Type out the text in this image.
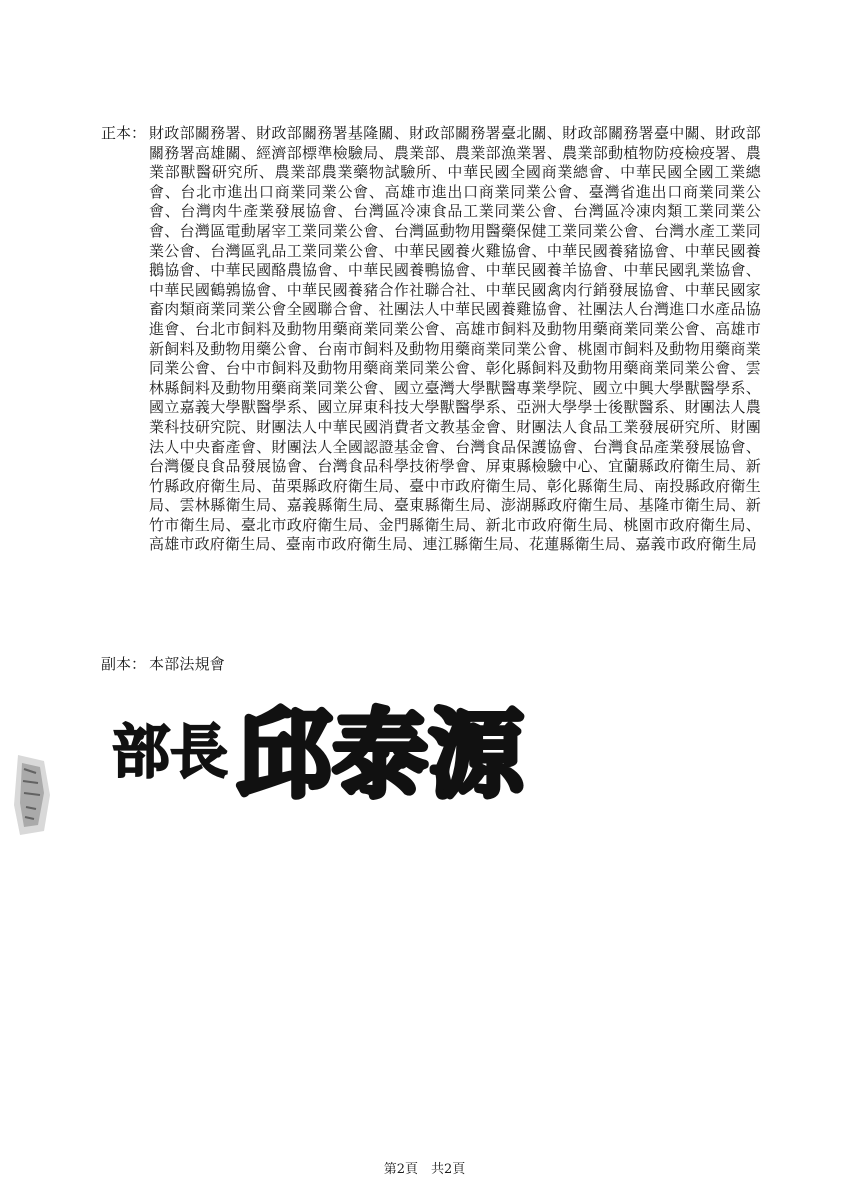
正本： 財政部關務署、財政部關務署基隆關、財政部關務署臺北關、財政部關務署臺中關、財政部關務署高雄關、經濟部標準檢驗局、農業部、農業部漁業署、農業部動植物防疫檢疫署、農業部獸醫研究所、農業部農業藥物試驗所、中華民國全國商業總會、中華民國全國工業總會、台北市進出口商業同業公會、高雄市進出口商業同業公會、臺灣省進出口商業同業公會、台灣肉牛產業發展協會、台灣區冷凍食品工業同業公會、台灣區冷凍肉類工業同業公會、台灣區電動屠宰工業同業公會、台灣區動物用醫藥保健工業同業公會、台灣水產工業同業公會、台灣區乳品工業同業公會、中華民國養火雞協會、中華民國養豬協會、中華民國養鵝協會、中華民國酪農協會、中華民國養鴨協會、中華民國養羊協會、中華民國乳業協會、中華民國鶴鶉協會、中華民國養豬合作社聯合社、中華民國禽肉行銷發展協會、中華民國家畜肉類商業同業公會全國聯合會、社團法人中華民國養雞協會、社團法人台灣進口水產品協進會、台北市飼料及動物用藥商業同業公會、高雄市飼料及動物用藥商業同業公會、高雄市新飼料及動物用藥公會、台南市飼料及動物用藥商業同業公會、桃園市飼料及動物用藥商業同業公會、台中市飼料及動物用藥商業同業公會、彰化縣飼料及動物用藥商業同業公會、雲林縣飼料及動物用藥商業同業公會、國立臺灣大學獸醫專業學院、國立中興大學獸醫學系、國立嘉義大學獸醫學系、國立屏東科技大學獸醫學系、亞洲大學學士後獸醫系、財團法人農業科技研究院、財團法人中華民國消費者文教基金會、財團法人食品工業發展研究所、財團法人中央畜產會、財團法人全國認證基金會、台灣食品保護協會、台灣食品產業發展協會、台灣優良食品發展協會、台灣食品科學技術學會、屏東縣檢驗中心、宜蘭縣政府衛生局、新竹縣政府衛生局、苗栗縣政府衛生局、臺中市政府衛生局、彰化縣衛生局、南投縣政府衛生局、雲林縣衛生局、嘉義縣衛生局、臺東縣衛生局、澎湖縣政府衛生局、基隆市衛生局、新竹市衛生局、臺北市政府衛生局、金門縣衛生局、新北市政府衛生局、桃園市政府衛生局、高雄市政府衛生局、臺南市政府衛生局、連江縣衛生局、花蓮縣衛生局、嘉義市政府衛生局
副本： 本部法規會
部長 邱泰源
第2頁　共2頁
